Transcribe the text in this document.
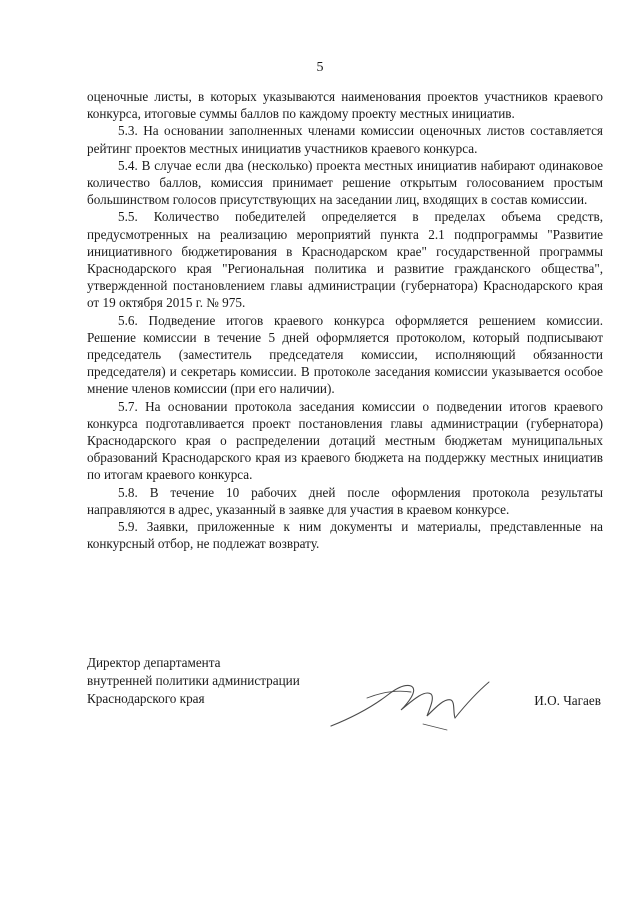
5

оценочные листы, в которых указываются наименования проектов участников краевого конкурса, итоговые суммы баллов по каждому проекту местных инициатив.

5.3. На основании заполненных членами комиссии оценочных листов составляется рейтинг проектов местных инициатив участников краевого конкурса.

5.4. В случае если два (несколько) проекта местных инициатив набирают одинаковое количество баллов, комиссия принимает решение открытым голосованием простым большинством голосов присутствующих на заседании лиц, входящих в состав комиссии.

5.5. Количество победителей определяется в пределах объема средств, предусмотренных на реализацию мероприятий пункта 2.1 подпрограммы "Развитие инициативного бюджетирования в Краснодарском крае" государственной программы Краснодарского края "Региональная политика и развитие гражданского общества", утвержденной постановлением главы администрации (губернатора) Краснодарского края от 19 октября 2015 г. № 975.

5.6. Подведение итогов краевого конкурса оформляется решением комиссии. Решение комиссии в течение 5 дней оформляется протоколом, который подписывают председатель (заместитель председателя комиссии, исполняющий обязанности председателя) и секретарь комиссии. В протоколе заседания комиссии указывается особое мнение членов комиссии (при его наличии).

5.7. На основании протокола заседания комиссии о подведении итогов краевого конкурса подготавливается проект постановления главы администрации (губернатора) Краснодарского края о распределении дотаций местным бюджетам муниципальных образований Краснодарского края из краевого бюджета на поддержку местных инициатив по итогам краевого конкурса.

5.8. В течение 10 рабочих дней после оформления протокола результаты направляются в адрес, указанный в заявке для участия в краевом конкурсе.

5.9. Заявки, приложенные к ним документы и материалы, представленные на конкурсный отбор, не подлежат возврату.

Директор департамента
внутренней политики администрации
Краснодарского края	И.О. Чагаев
